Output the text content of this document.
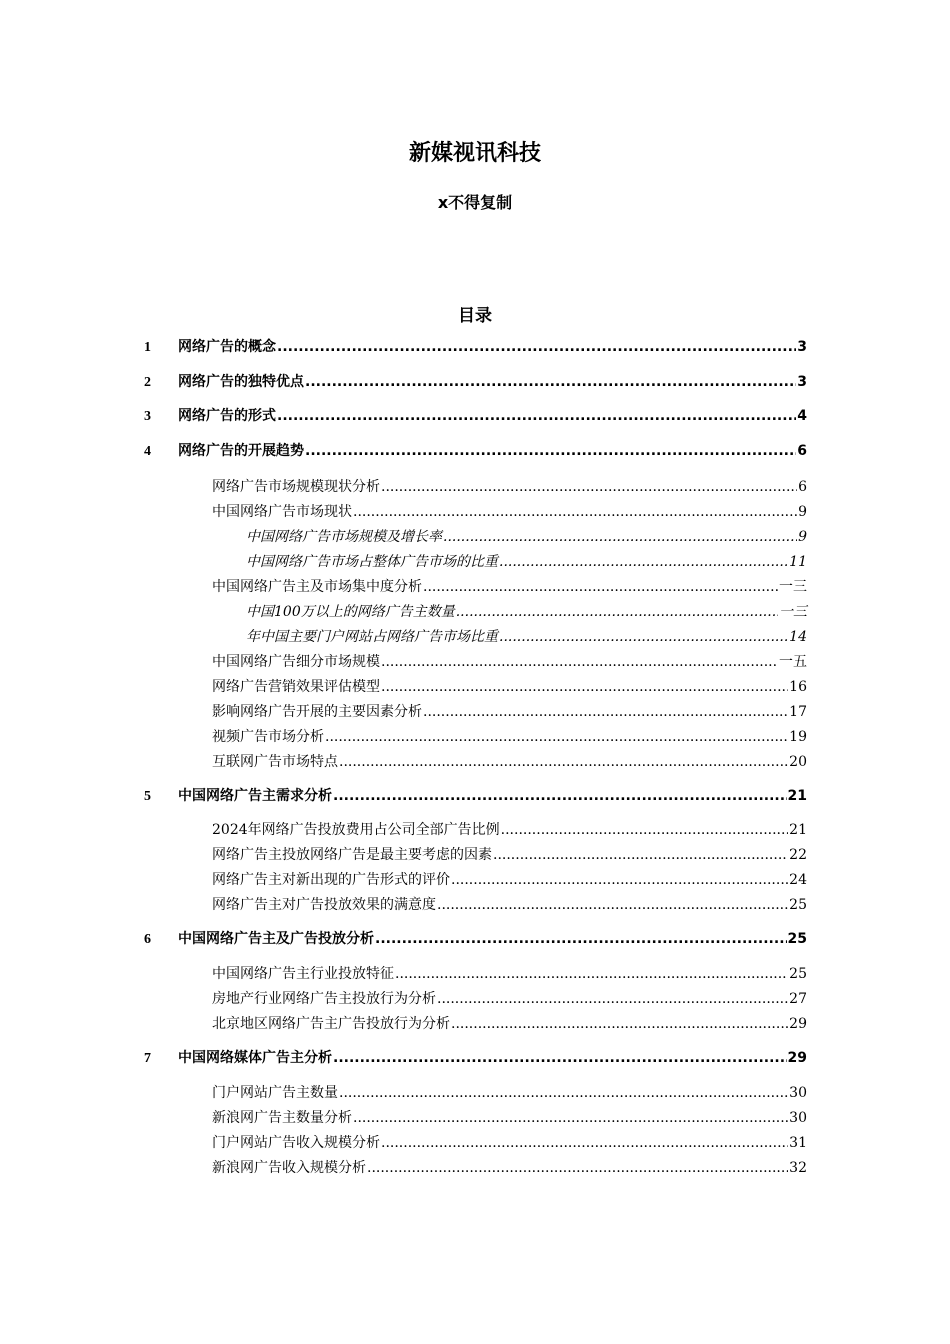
新媒视讯科技
x不得复制
目录
1	网络广告的概念 .....	3
2	网络广告的独特优点 .....	3
3	网络广告的形式 .....	4
4	网络广告的开展趋势 .....	6
网络广告市场规模现状分析 .....	6
中国网络广告市场现状 .....	9
中国网络广告市场规模及增长率 .....	9
中国网络广告市场占整体广告市场的比重 .....	11
中国网络广告主及市场集中度分析 .....	一三
中国100万以上的网络广告主数量 .....	一三
年中国主要门户网站占网络广告市场比重 .....	14
中国网络广告细分市场规模 .....	一五
网络广告营销效果评估模型 .....	16
影响网络广告开展的主要因素分析 .....	17
视频广告市场分析 .....	19
互联网广告市场特点 .....	20
5	中国网络广告主需求分析 .....	21
2024年网络广告投放费用占公司全部广告比例 .....	21
网络广告主投放网络广告是最主要考虑的因素 .....	22
网络广告主对新出现的广告形式的评价 .....	24
网络广告主对广告投放效果的满意度 .....	25
6	中国网络广告主及广告投放分析 .....	25
中国网络广告主行业投放特征 .....	25
房地产行业网络广告主投放行为分析 .....	27
北京地区网络广告主广告投放行为分析 .....	29
7	中国网络媒体广告主分析 .....	29
门户网站广告主数量 .....	30
新浪网广告主数量分析 .....	30
门户网站广告收入规模分析 .....	31
新浪网广告收入规模分析 .....	32
